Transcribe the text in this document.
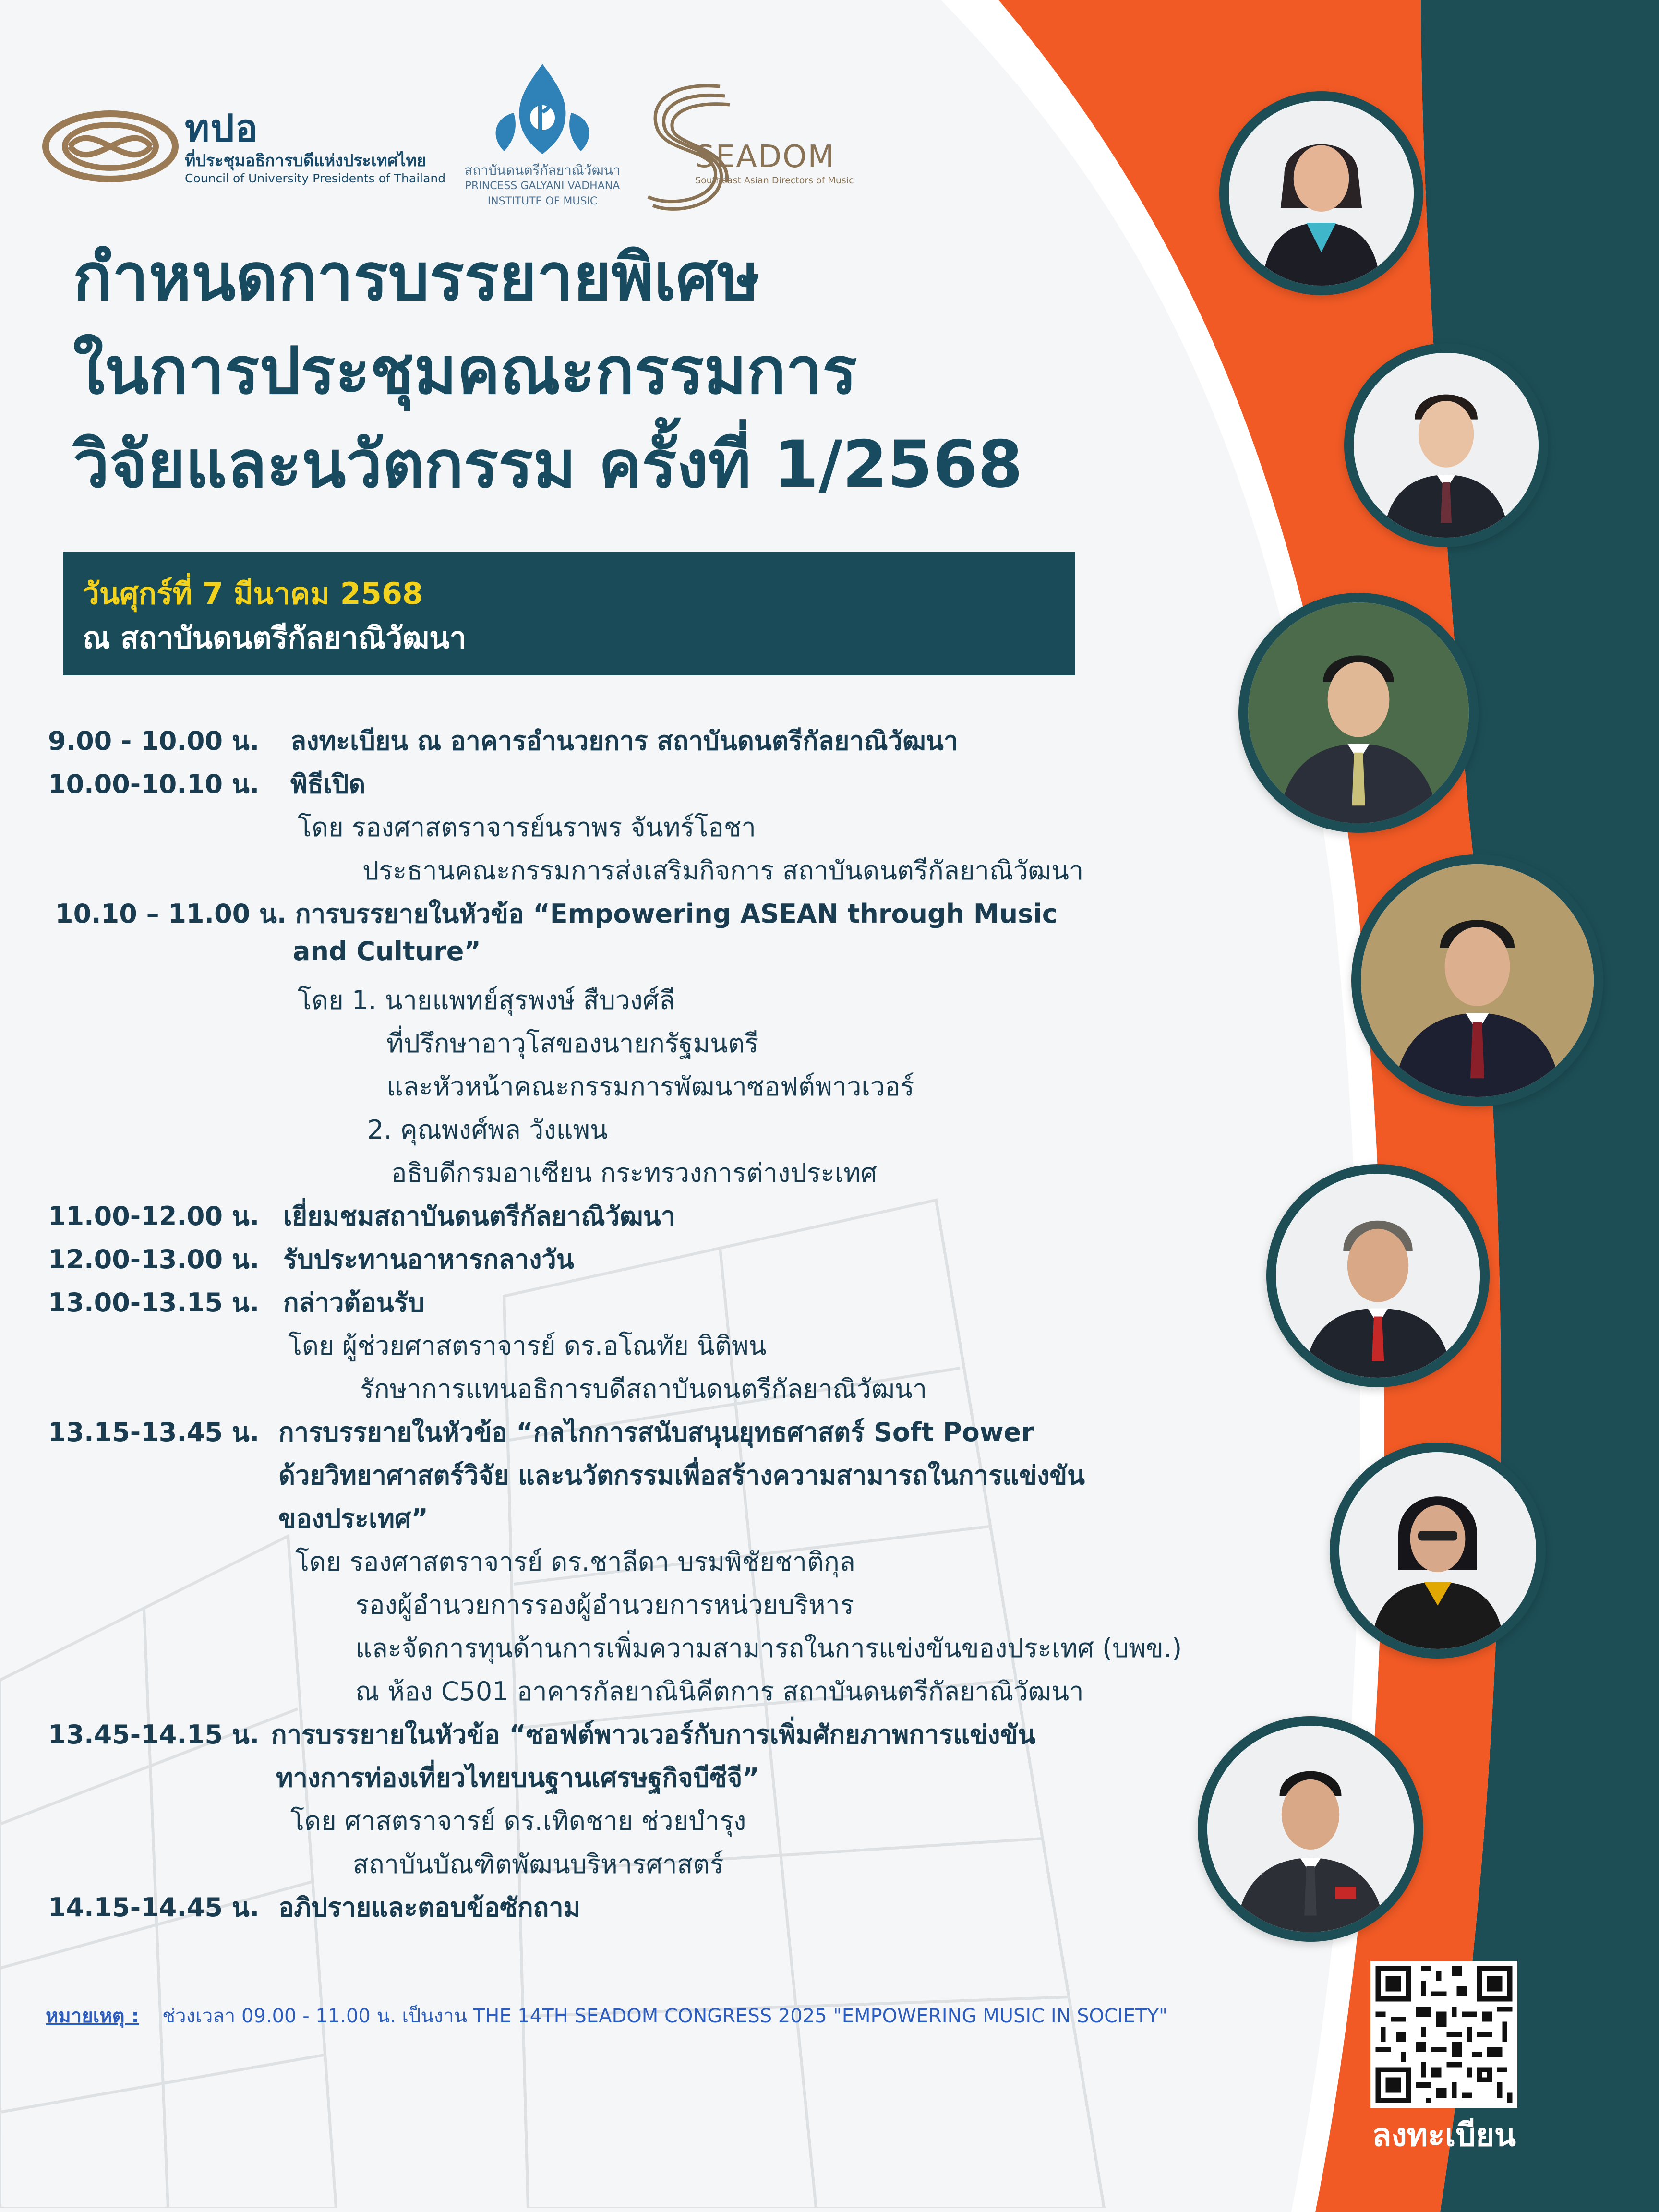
ทปอ
ที่ประชุมอธิการบดีแห่งประเทศไทย
Council of University Presidents of Thailand
สถาบันดนตรีกัลยาณิวัฒนา
PRINCESS GALYANI VADHANA
INSTITUTE OF MUSIC
SEADOM
Southeast Asian Directors of Music
กำหนดการบรรยายพิเศษ
ในการประชุมคณะกรรมการ
วิจัยและนวัตกรรม ครั้งที่ 1/2568
วันศุกร์ที่ 7 มีนาคม 2568
ณ สถาบันดนตรีกัลยาณิวัฒนา
9.00 - 10.00 น. ลงทะเบียน ณ อาคารอำนวยการ สถาบันดนตรีกัลยาณิวัฒนา
10.00-10.10 น. พิธีเปิด
โดย รองศาสตราจารย์นราพร จันทร์โอชา
ประธานคณะกรรมการส่งเสริมกิจการ สถาบันดนตรีกัลยาณิวัฒนา
10.10 – 11.00 น. การบรรยายในหัวข้อ “Empowering ASEAN through Music
and Culture”
โดย 1. นายแพทย์สุรพงษ์ สืบวงศ์ลี
ที่ปรึกษาอาวุโสของนายกรัฐมนตรี
และหัวหน้าคณะกรรมการพัฒนาซอฟต์พาวเวอร์
2. คุณพงศ์พล วังแพน
อธิบดีกรมอาเซียน กระทรวงการต่างประเทศ
11.00-12.00 น. เยี่ยมชมสถาบันดนตรีกัลยาณิวัฒนา
12.00-13.00 น. รับประทานอาหารกลางวัน
13.00-13.15 น. กล่าวต้อนรับ
โดย ผู้ช่วยศาสตราจารย์ ดร.อโณทัย นิติพน
รักษาการแทนอธิการบดีสถาบันดนตรีกัลยาณิวัฒนา
13.15-13.45 น. การบรรยายในหัวข้อ “กลไกการสนับสนุนยุทธศาสตร์ Soft Power
ด้วยวิทยาศาสตร์วิจัย และนวัตกรรมเพื่อสร้างความสามารถในการแข่งขัน
ของประเทศ”
โดย รองศาสตราจารย์ ดร.ชาลีดา บรมพิชัยชาติกุล
รองผู้อำนวยการรองผู้อำนวยการหน่วยบริหาร
และจัดการทุนด้านการเพิ่มความสามารถในการแข่งขันของประเทศ (บพข.)
ณ ห้อง C501 อาคารกัลยาณินิคีตการ สถาบันดนตรีกัลยาณิวัฒนา
13.45-14.15 น. การบรรยายในหัวข้อ “ซอฟต์พาวเวอร์กับการเพิ่มศักยภาพการแข่งขัน
ทางการท่องเที่ยวไทยบนฐานเศรษฐกิจบีซีจี”
โดย ศาสตราจารย์ ดร.เทิดชาย ช่วยบำรุง
สถาบันบัณฑิตพัฒนบริหารศาสตร์
14.15-14.45 น. อภิปรายและตอบข้อซักถาม
หมายเหตุ : ช่วงเวลา 09.00 - 11.00 น. เป็นงาน THE 14TH SEADOM CONGRESS 2025 "EMPOWERING MUSIC IN SOCIETY"
ลงทะเบียน
